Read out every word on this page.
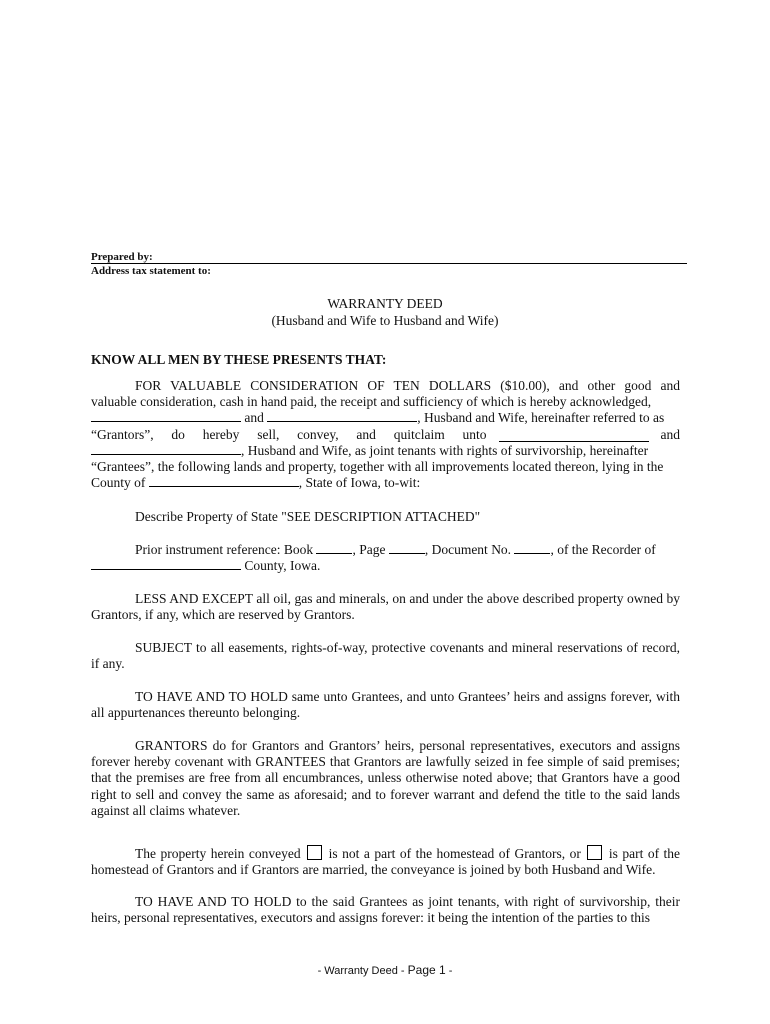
Prepared by:
Address tax statement to:
WARRANTY DEED
(Husband and Wife to Husband and Wife)
KNOW ALL MEN BY THESE PRESENTS THAT:
FOR VALUABLE CONSIDERATION OF TEN DOLLARS ($10.00), and other good and
valuable consideration, cash in hand paid, the receipt and sufficiency of which is hereby acknowledged,
and	, Husband and Wife, hereinafter referred to as
“Grantors”, do hereby sell, convey, and quitclaim unto	and
, Husband and Wife, as joint tenants with rights of survivorship, hereinafter
“Grantees”, the following lands and property, together with all improvements located thereon, lying in the
County of	, State of Iowa, to-wit:
Describe Property of State "SEE DESCRIPTION ATTACHED"
Prior instrument reference: Book	, Page	, Document No.	, of the Recorder of
County, Iowa.
LESS AND EXCEPT all oil, gas and minerals, on and under the above described property owned by Grantors, if any, which are reserved by Grantors.
SUBJECT to all easements, rights-of-way, protective covenants and mineral reservations of record, if any.
TO HAVE AND TO HOLD same unto Grantees, and unto Grantees’ heirs and assigns forever, with all appurtenances thereunto belonging.
GRANTORS do for Grantors and Grantors’ heirs, personal representatives, executors and assigns forever hereby covenant with GRANTEES that Grantors are lawfully seized in fee simple of said premises; that the premises are free from all encumbrances, unless otherwise noted above; that Grantors have a good right to sell and convey the same as aforesaid; and to forever warrant and defend the title to the said lands against all claims whatever.
The property herein conveyed is not a part of the homestead of Grantors, or is part of the
homestead of Grantors and if Grantors are married, the conveyance is joined by both Husband and Wife.
TO HAVE AND TO HOLD to the said Grantees as joint tenants, with right of survivorship, their heirs, personal representatives, executors and assigns forever: it being the intention of the parties to this
- Warranty Deed - Page 1 -
